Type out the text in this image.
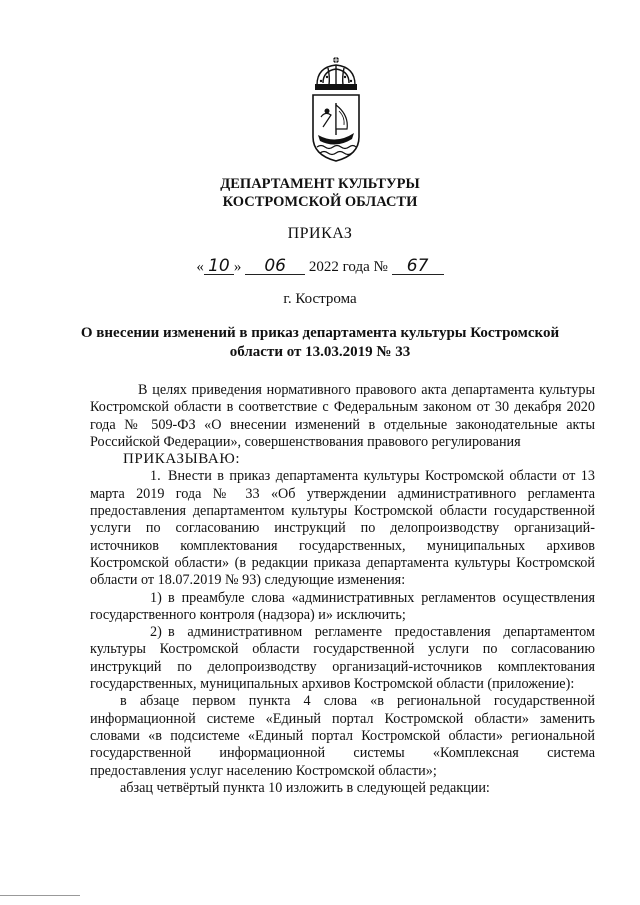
ДЕПАРТАМЕНТ КУЛЬТУРЫ
КОСТРОМСКОЙ ОБЛАСТИ
ПРИКАЗ
« 10 » 06 2022 года № 67
г. Кострома
О внесении изменений в приказ департамента культуры Костромской
области от 13.03.2019 № 33

В целях приведения нормативного правового акта департамента культуры Костромской области в соответствие с Федеральным законом от 30 декабря 2020 года № 509-ФЗ «О внесении изменений в отдельные законодательные акты Российской Федерации», совершенствования правового регулирования

ПРИКАЗЫВАЮ:

1. Внести в приказ департамента культуры Костромской области от 13 марта 2019 года № 33 «Об утверждении административного регламента предоставления департаментом культуры Костромской области государственной услуги по согласованию инструкций по делопроизводству организаций-источников комплектования государственных, муниципальных архивов Костромской области» (в редакции приказа департамента культуры Костромской области от 18.07.2019 № 93) следующие изменения:

1) в преамбуле слова «административных регламентов осуществления государственного контроля (надзора) и» исключить;

2) в административном регламенте предоставления департаментом культуры Костромской области государственной услуги по согласованию инструкций по делопроизводству организаций-источников комплектования государственных, муниципальных архивов Костромской области (приложение):

в абзаце первом пункта 4 слова «в региональной государственной информационной системе «Единый портал Костромской области» заменить словами «в подсистеме «Единый портал Костромской области» региональной государственной информационной системы «Комплексная система предоставления услуг населению Костромской области»;

абзац четвёртый пункта 10 изложить в следующей редакции:
